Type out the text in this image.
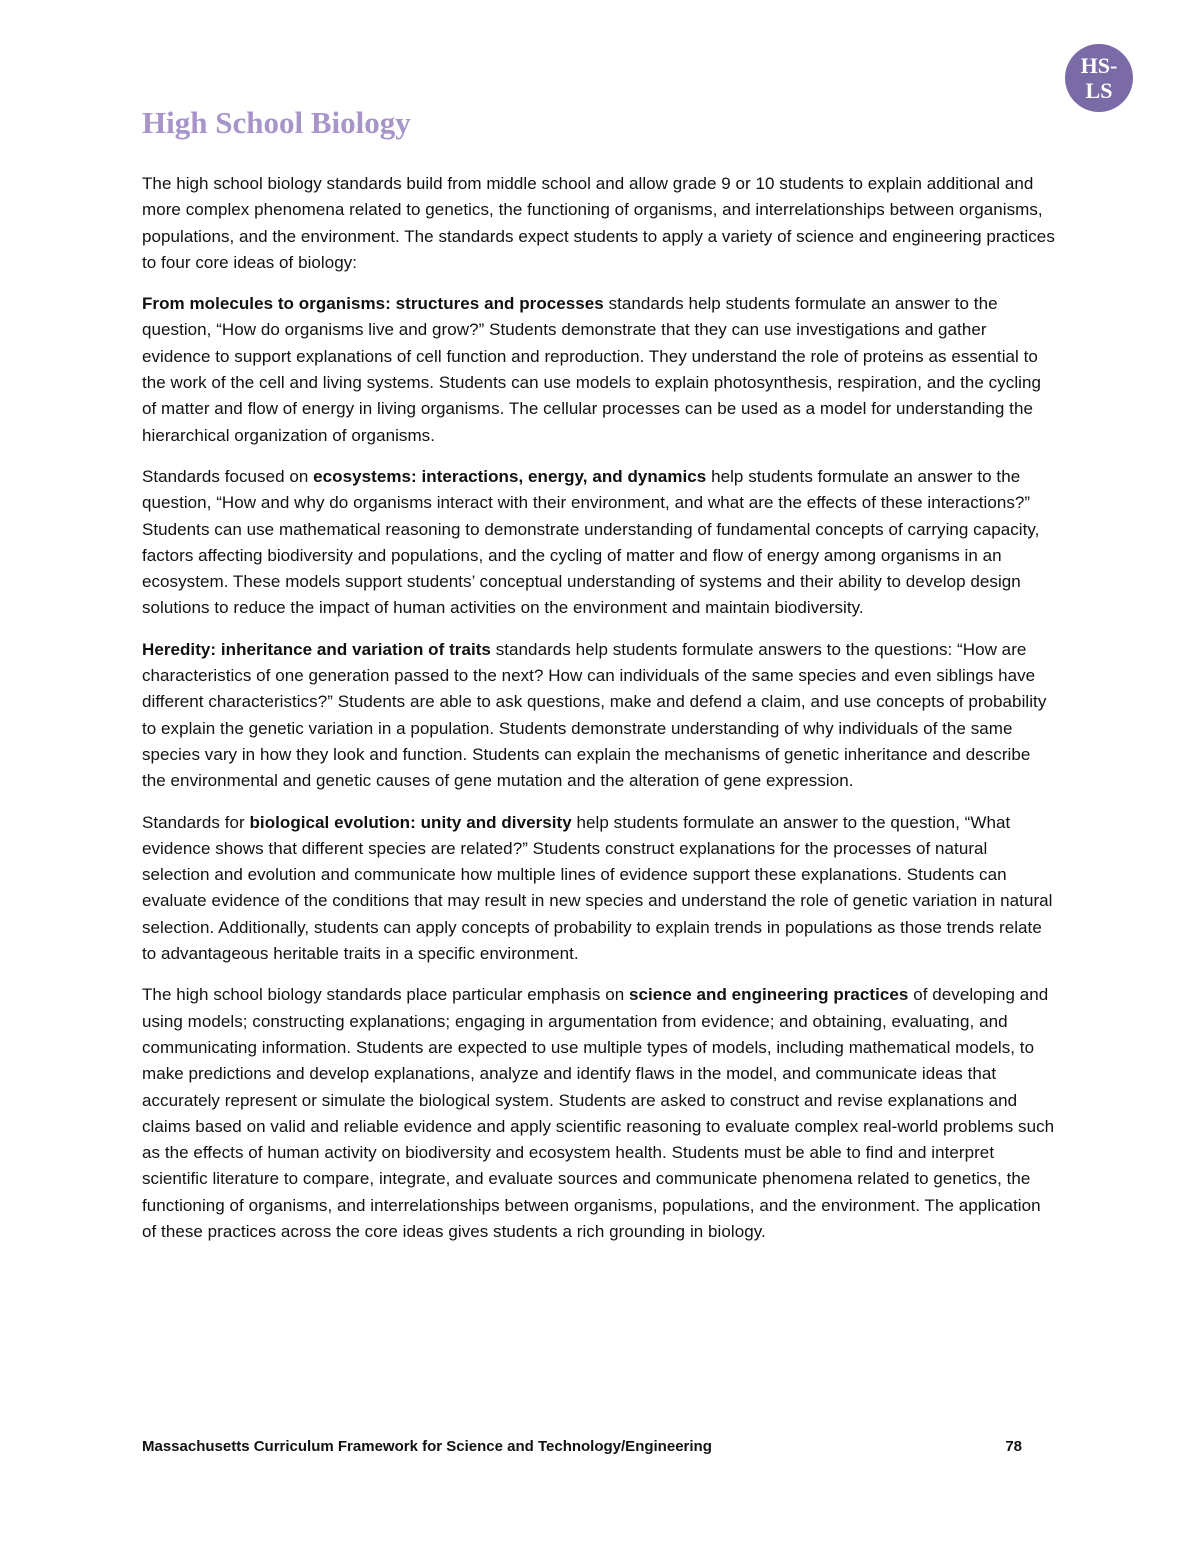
HS-
LS
High School Biology

The high school biology standards build from middle school and allow grade 9 or 10 students to explain additional and more complex phenomena related to genetics, the functioning of organisms, and interrelationships between organisms, populations, and the environment. The standards expect students to apply a variety of science and engineering practices to four core ideas of biology:

From molecules to organisms: structures and processes standards help students formulate an answer to the question, “How do organisms live and grow?” Students demonstrate that they can use investigations and gather evidence to support explanations of cell function and reproduction. They understand the role of proteins as essential to the work of the cell and living systems. Students can use models to explain photosynthesis, respiration, and the cycling of matter and flow of energy in living organisms. The cellular processes can be used as a model for understanding the hierarchical organization of organisms.

Standards focused on ecosystems: interactions, energy, and dynamics help students formulate an answer to the question, “How and why do organisms interact with their environment, and what are the effects of these interactions?” Students can use mathematical reasoning to demonstrate understanding of fundamental concepts of carrying capacity, factors affecting biodiversity and populations, and the cycling of matter and flow of energy among organisms in an ecosystem. These models support students’ conceptual understanding of systems and their ability to develop design solutions to reduce the impact of human activities on the environment and maintain biodiversity.

Heredity: inheritance and variation of traits standards help students formulate answers to the questions: “How are characteristics of one generation passed to the next? How can individuals of the same species and even siblings have different characteristics?” Students are able to ask questions, make and defend a claim, and use concepts of probability to explain the genetic variation in a population. Students demonstrate understanding of why individuals of the same species vary in how they look and function. Students can explain the mechanisms of genetic inheritance and describe the environmental and genetic causes of gene mutation and the alteration of gene expression.

Standards for biological evolution: unity and diversity help students formulate an answer to the question, “What evidence shows that different species are related?” Students construct explanations for the processes of natural selection and evolution and communicate how multiple lines of evidence support these explanations. Students can evaluate evidence of the conditions that may result in new species and understand the role of genetic variation in natural selection. Additionally, students can apply concepts of probability to explain trends in populations as those trends relate to advantageous heritable traits in a specific environment.

The high school biology standards place particular emphasis on science and engineering practices of developing and using models; constructing explanations; engaging in argumentation from evidence; and obtaining, evaluating, and communicating information. Students are expected to use multiple types of models, including mathematical models, to make predictions and develop explanations, analyze and identify flaws in the model, and communicate ideas that accurately represent or simulate the biological system. Students are asked to construct and revise explanations and claims based on valid and reliable evidence and apply scientific reasoning to evaluate complex real-world problems such as the effects of human activity on biodiversity and ecosystem health. Students must be able to find and interpret scientific literature to compare, integrate, and evaluate sources and communicate phenomena related to genetics, the functioning of organisms, and interrelationships between organisms, populations, and the environment. The application of these practices across the core ideas gives students a rich grounding in biology.

Massachusetts Curriculum Framework for Science and Technology/Engineering	78
